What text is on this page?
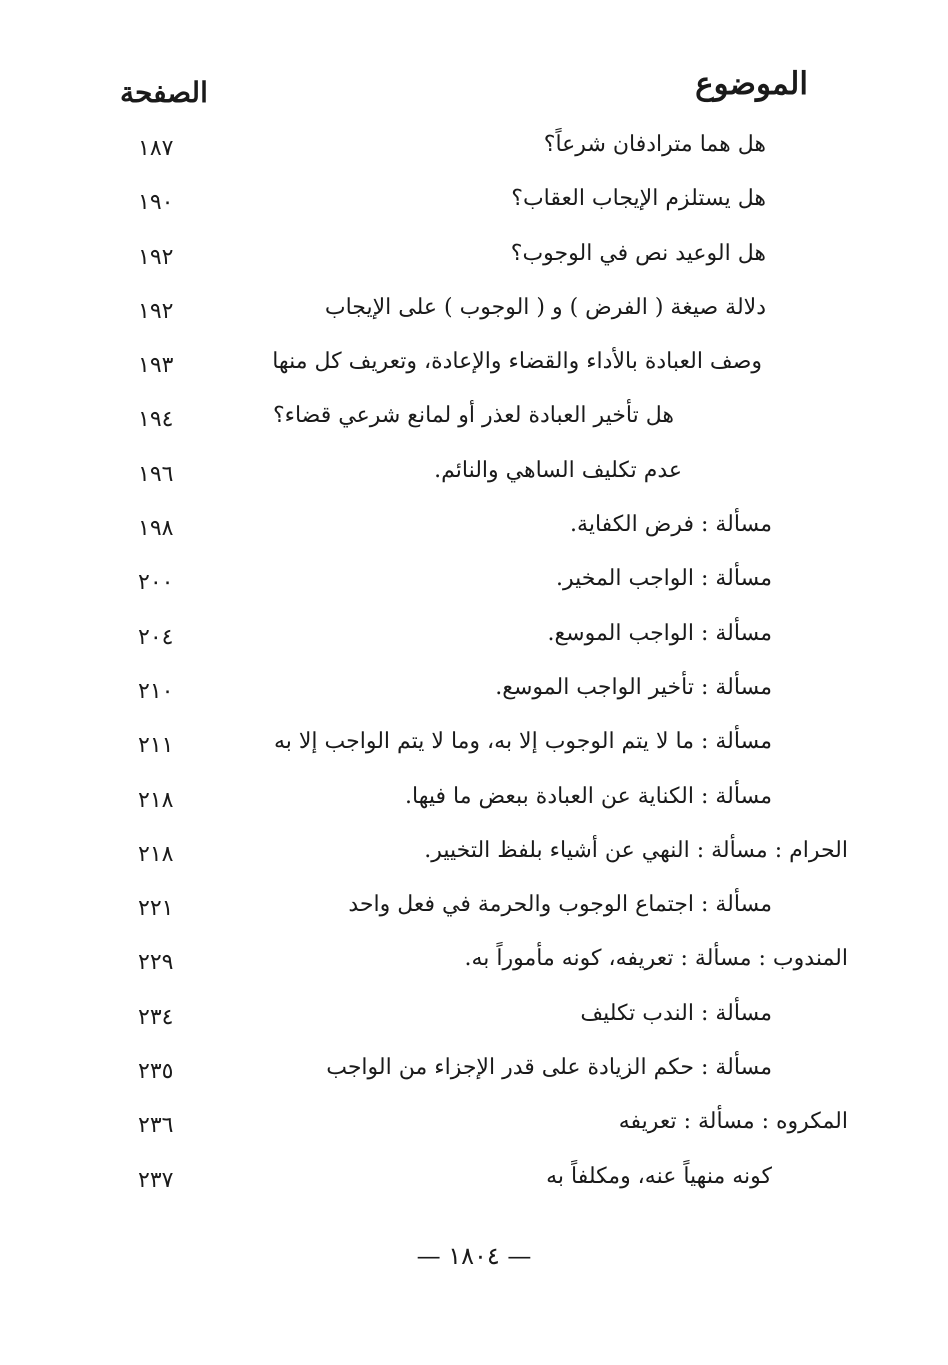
الموضوع
الصفحة
هل هما مترادفان شرعاً؟
١٨٧
هل يستلزم الإيجاب العقاب؟
١٩٠
هل الوعيد نص في الوجوب؟
١٩٢
دلالة صيغة ( الفرض ) و ( الوجوب ) على الإيجاب
١٩٢
وصف العبادة بالأداء والقضاء والإعادة، وتعريف كل منها
١٩٣
هل تأخير العبادة لعذر أو لمانع شرعي قضاء؟
١٩٤
عدم تكليف الساهي والنائم.
١٩٦
مسألة : فرض الكفاية.
١٩٨
مسألة : الواجب المخير.
٢٠٠
مسألة : الواجب الموسع.
٢٠٤
مسألة : تأخير الواجب الموسع.
٢١٠
مسألة : ما لا يتم الوجوب إلا به، وما لا يتم الواجب إلا به
٢١١
مسألة : الكناية عن العبادة ببعض ما فيها.
٢١٨
الحرام : مسألة : النهي عن أشياء بلفظ التخيير.
٢١٨
مسألة : اجتماع الوجوب والحرمة في فعل واحد
٢٢١
المندوب : مسألة : تعريفه، كونه مأموراً به.
٢٢٩
مسألة : الندب تكليف
٢٣٤
مسألة : حكم الزيادة على قدر الإجزاء من الواجب
٢٣٥
المكروه : مسألة : تعريفه
٢٣٦
كونه منهياً عنه، ومكلفاً به
٢٣٧
— ١٨٠٤ —
